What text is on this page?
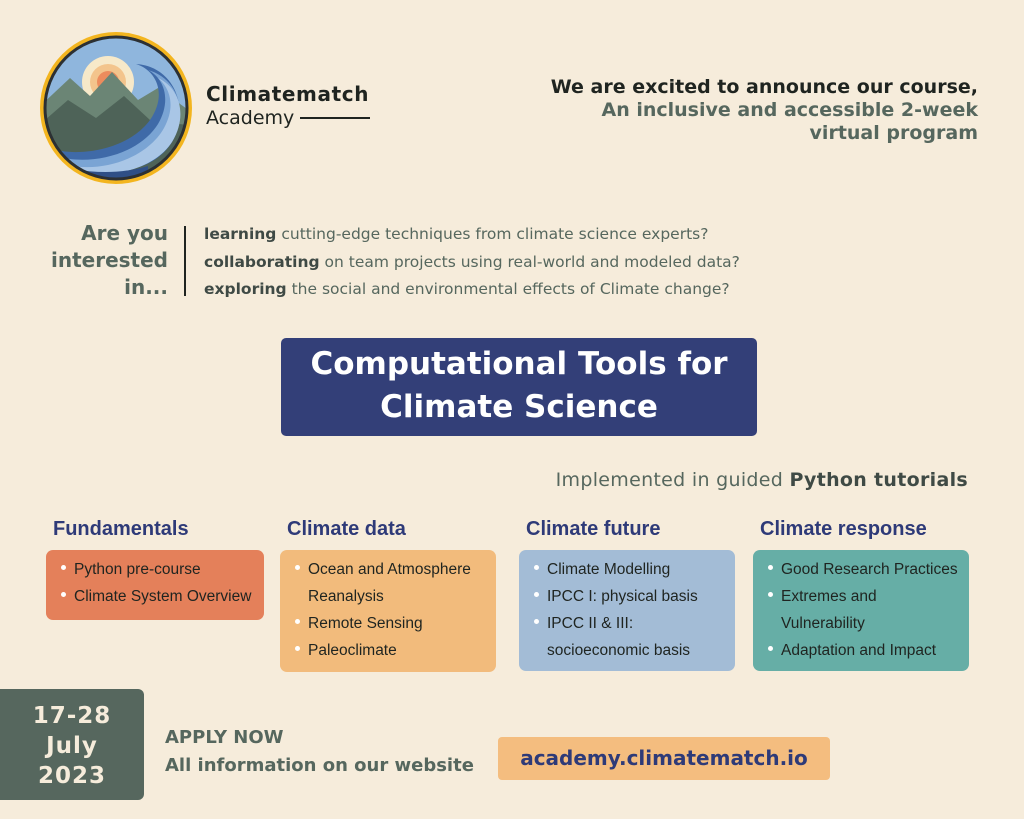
Climatematch
Academy
We are excited to announce our course,
An inclusive and accessible 2-week
virtual program
Are you
interested
in...
learning cutting-edge techniques from climate science experts?
collaborating on team projects using real-world and modeled data?
exploring the social and environmental effects of Climate change?
Computational Tools for
Climate Science
Implemented in guided Python tutorials
Fundamentals
Python pre-course
Climate System Overview
Climate data
Ocean and Atmosphere Reanalysis
Remote Sensing
Paleoclimate
Climate future
Climate Modelling
IPCC I: physical basis
IPCC II & III: socioeconomic basis
Climate response
Good Research Practices
Extremes and Vulnerability
Adaptation and Impact
17-28
July
2023
APPLY NOW
All information on our website	academy.climatematch.io
